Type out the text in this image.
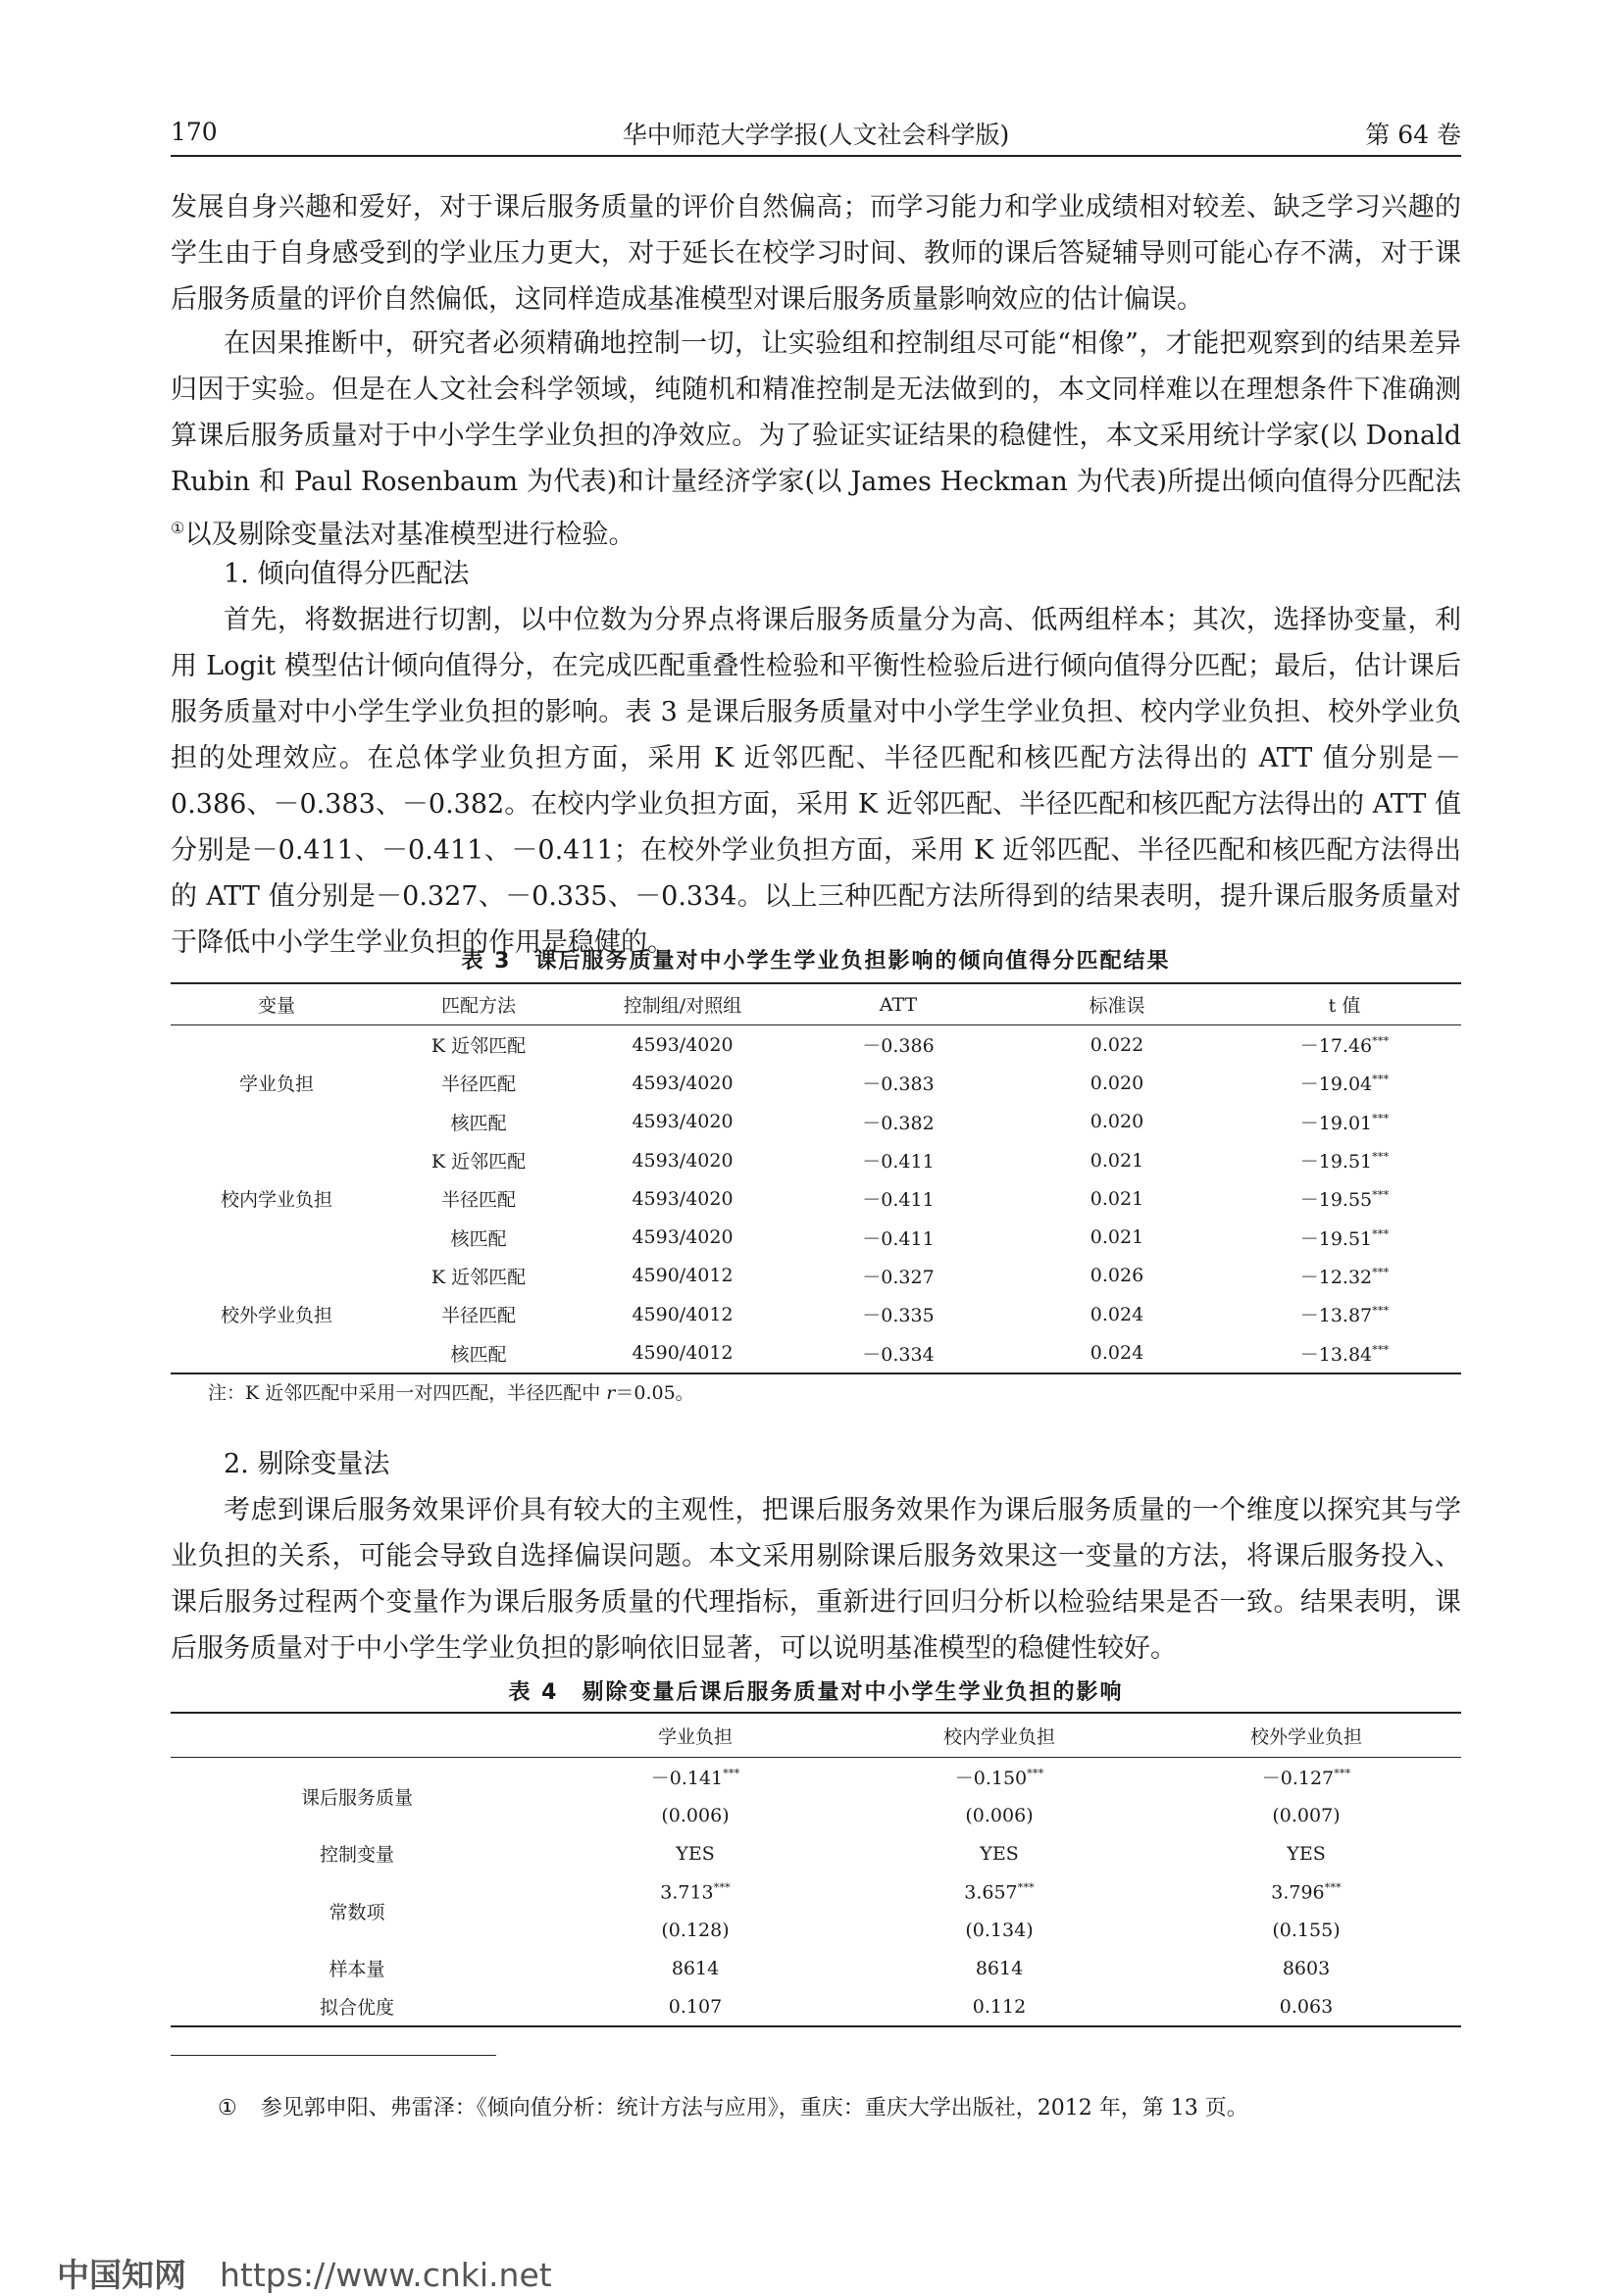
170	华中师范大学学报(人文社会科学版)	第 64 卷

发展自身兴趣和爱好，对于课后服务质量的评价自然偏高；而学习能力和学业成绩相对较差、缺乏学习兴趣的学生由于自身感受到的学业压力更大，对于延长在校学习时间、教师的课后答疑辅导则可能心存不满，对于课后服务质量的评价自然偏低，这同样造成基准模型对课后服务质量影响效应的估计偏误。

在因果推断中，研究者必须精确地控制一切，让实验组和控制组尽可能“相像”，才能把观察到的结果差异归因于实验。但是在人文社会科学领域，纯随机和精准控制是无法做到的，本文同样难以在理想条件下准确测算课后服务质量对于中小学生学业负担的净效应。为了验证实证结果的稳健性，本文采用统计学家(以 Donald Rubin 和 Paul Rosenbaum 为代表)和计量经济学家(以 James Heckman 为代表)所提出倾向值得分匹配法①以及剔除变量法对基准模型进行检验。

1. 倾向值得分匹配法

首先，将数据进行切割，以中位数为分界点将课后服务质量分为高、低两组样本；其次，选择协变量，利用 Logit 模型估计倾向值得分，在完成匹配重叠性检验和平衡性检验后进行倾向值得分匹配；最后，估计课后服务质量对中小学生学业负担的影响。表 3 是课后服务质量对中小学生学业负担、校内学业负担、校外学业负担的处理效应。在总体学业负担方面，采用 K 近邻匹配、半径匹配和核匹配方法得出的 ATT 值分别是－0.386、－0.383、－0.382。在校内学业负担方面，采用 K 近邻匹配、半径匹配和核匹配方法得出的 ATT 值分别是－0.411、－0.411、－0.411；在校外学业负担方面，采用 K 近邻匹配、半径匹配和核匹配方法得出的 ATT 值分别是－0.327、－0.335、－0.334。以上三种匹配方法所得到的结果表明，提升课后服务质量对于降低中小学生学业负担的作用是稳健的。

表 3　课后服务质量对中小学生学业负担影响的倾向值得分匹配结果
变量	匹配方法	控制组/对照组	ATT	标准误	t 值
学业负担	K 近邻匹配	4593/4020	－0.386	0.022	－17.46***
	半径匹配	4593/4020	－0.383	0.020	－19.04***
	核匹配	4593/4020	－0.382	0.020	－19.01***
校内学业负担	K 近邻匹配	4593/4020	－0.411	0.021	－19.51***
	半径匹配	4593/4020	－0.411	0.021	－19.55***
	核匹配	4593/4020	－0.411	0.021	－19.51***
校外学业负担	K 近邻匹配	4590/4012	－0.327	0.026	－12.32***
	半径匹配	4590/4012	－0.335	0.024	－13.87***
	核匹配	4590/4012	－0.334	0.024	－13.84***
注：K 近邻匹配中采用一对四匹配，半径匹配中 r＝0.05。

2. 剔除变量法

考虑到课后服务效果评价具有较大的主观性，把课后服务效果作为课后服务质量的一个维度以探究其与学业负担的关系，可能会导致自选择偏误问题。本文采用剔除课后服务效果这一变量的方法，将课后服务投入、课后服务过程两个变量作为课后服务质量的代理指标，重新进行回归分析以检验结果是否一致。结果表明，课后服务质量对于中小学生学业负担的影响依旧显著，可以说明基准模型的稳健性较好。

表 4　剔除变量后课后服务质量对中小学生学业负担的影响
	学业负担	校内学业负担	校外学业负担
课后服务质量	－0.141***	－0.150***	－0.127***
	(0.006)	(0.006)	(0.007)
控制变量	YES	YES	YES
常数项	3.713***	3.657***	3.796***
	(0.128)	(0.134)	(0.155)
样本量	8614	8614	8603
拟合优度	0.107	0.112	0.063
① 参见郭申阳、弗雷泽：《倾向值分析：统计方法与应用》，重庆：重庆大学出版社，2012 年，第 13 页。
中国知网 https://www.cnki.net
